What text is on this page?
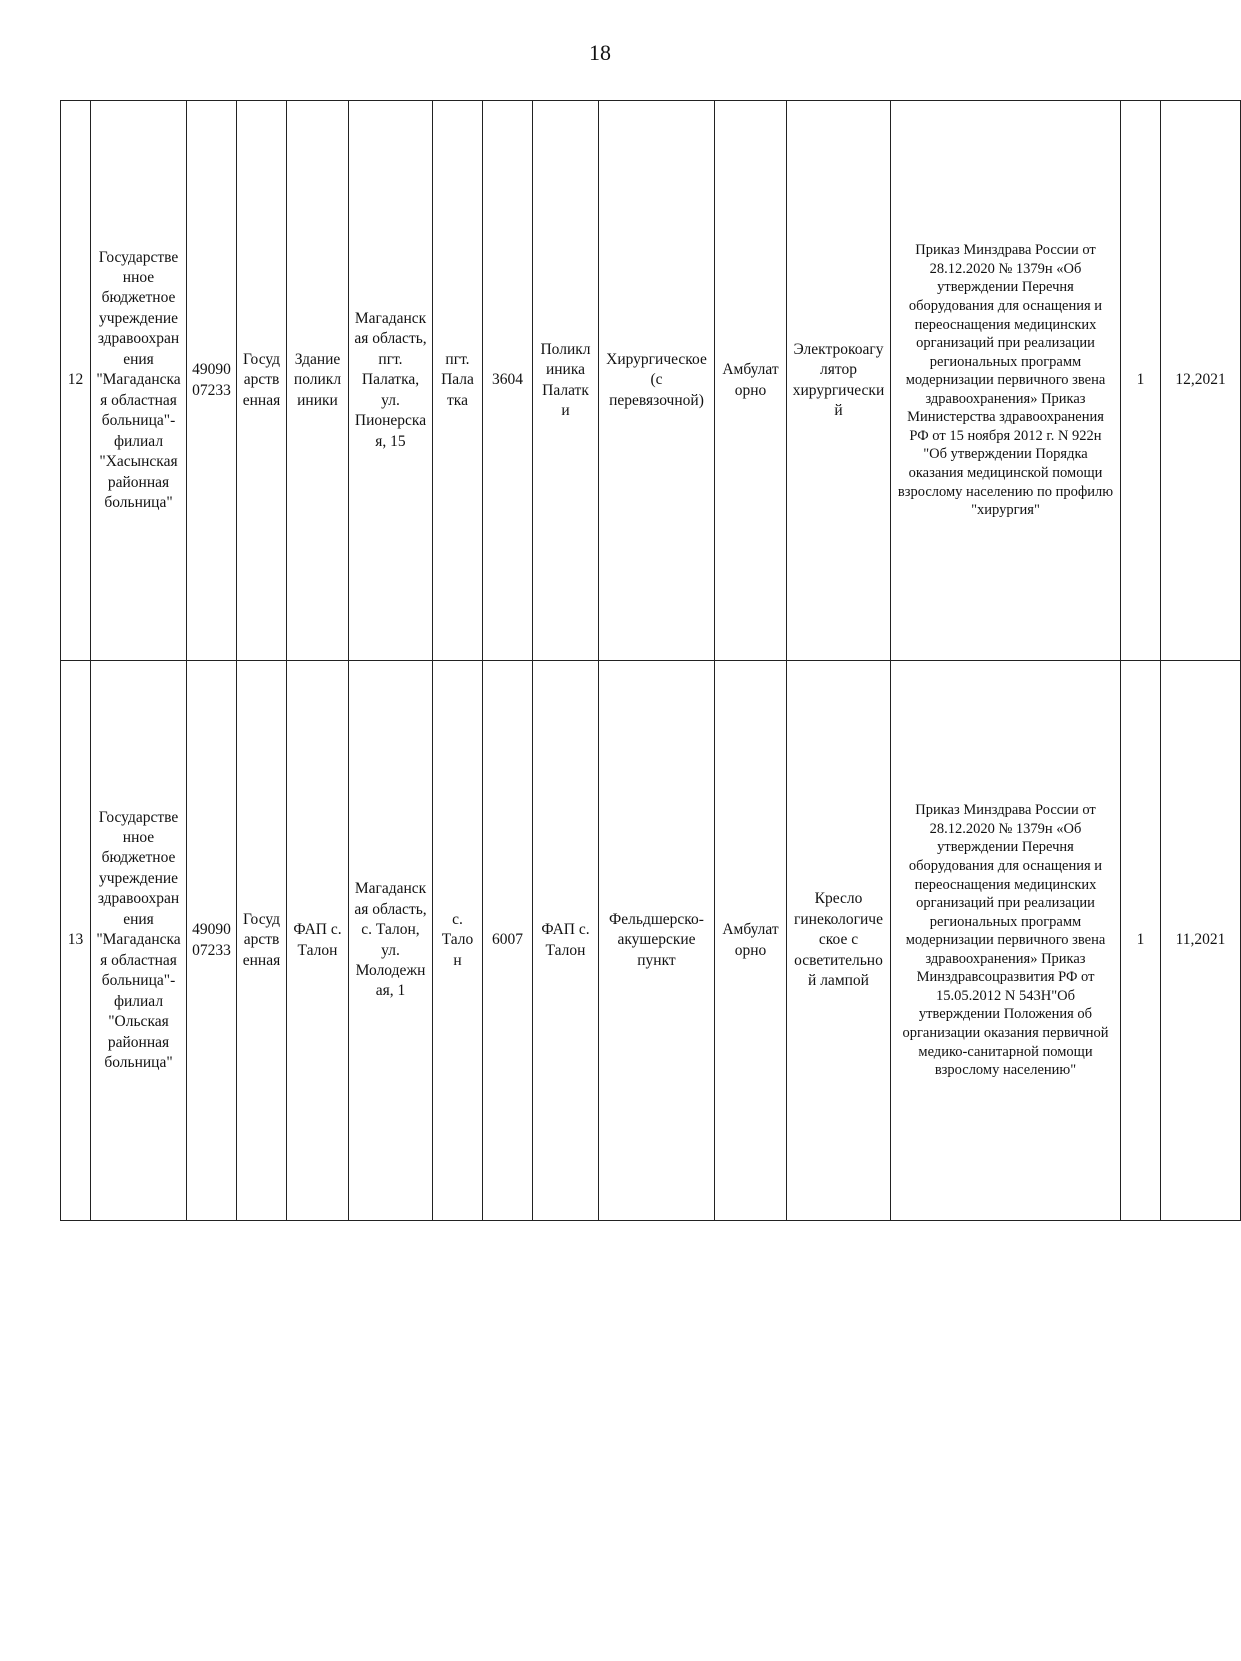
18
12	Государственное бюджетное учреждение здравоохранения "Магаданская областная больница"- филиал "Хасынская районная больница"	4909007233	Государственная	Здание поликлиники	Магаданская область, пгт. Палатка, ул. Пионерская, 15	пгт. Палатка	3604	Поликлиника Палатки	Хирургическое (с перевязочной)	Амбулаторно	Электрокоагулятор хирургический	Приказ Минздрава России от 28.12.2020 № 1379н «Об утверждении Перечня оборудования для оснащения и переоснащения медицинских организаций при реализации региональных программ модернизации первичного звена здравоохранения» Приказ Министерства здравоохранения РФ от 15 ноября 2012 г. N 922н "Об утверждении Порядка оказания медицинской помощи взрослому населению по профилю "хирургия"	1	12,2021
13	Государственное бюджетное учреждение здравоохранения "Магаданская областная больница"- филиал "Ольская районная больница"	4909007233	Государственная	ФАП с. Талон	Магаданская область, с. Талон, ул. Молодежная, 1	с. Талон	6007	ФАП с. Талон	Фельдшерско-акушерские пункт	Амбулаторно	Кресло гинекологическое с осветительной лампой	Приказ Минздрава России от 28.12.2020 № 1379н «Об утверждении Перечня оборудования для оснащения и переоснащения медицинских организаций при реализации региональных программ модернизации первичного звена здравоохранения» Приказ Минздравсоцразвития РФ от 15.05.2012 N 543Н"Об утверждении Положения об организации оказания первичной медико-санитарной помощи взрослому населению"	1	11,2021
